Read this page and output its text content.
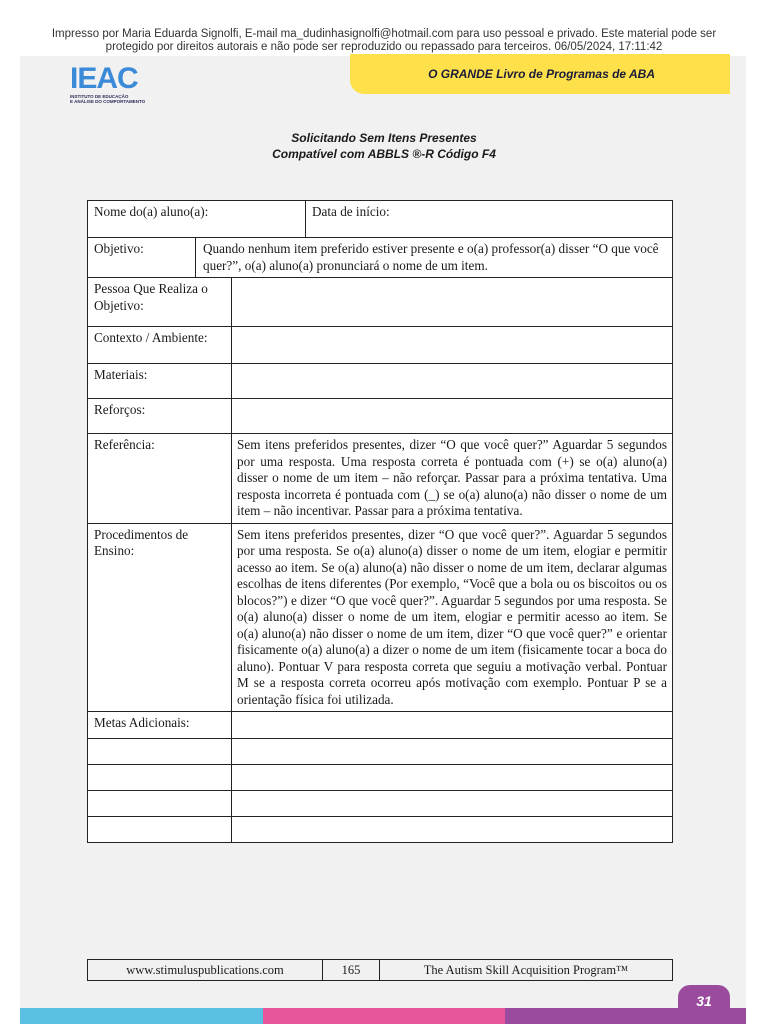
Impresso por Maria Eduarda Signolfi, E-mail ma_dudinhasignolfi@hotmail.com para uso pessoal e privado. Este material pode ser
protegido por direitos autorais e não pode ser reproduzido ou repassado para terceiros. 06/05/2024, 17:11:42
IEAC
INSTITUTO DE EDUCAÇÃO
E ANÁLISE DO COMPORTAMENTO
O GRANDE Livro de Programas de ABA
Solicitando Sem Itens Presentes
Compatível com ABBLS ®-R Código F4
Nome do(a) aluno(a): Data de início:	

Objetivo: Quando nenhum item preferido estiver presente e o(a) professor(a) disser “O que você quer?”, o(a) aluno(a) pronunciará o nome de um item.	

Pessoa Que Realiza o Objetivo:	
Contexto / Ambiente:	
Materiais:	
Reforços:	
Referência:	Sem itens preferidos presentes, dizer “O que você quer?” Aguardar 5 segundos por uma resposta. Uma resposta correta é pontuada com (+) se o(a) aluno(a) disser o nome de um item – não reforçar. Passar para a próxima tentativa. Uma resposta incorreta é pontuada com (_) se o(a) aluno(a) não disser o nome de um item – não incentivar. Passar para a próxima tentativa.
Procedimentos de Ensino:	Sem itens preferidos presentes, dizer “O que você quer?”. Aguardar 5 segundos por uma resposta. Se o(a) aluno(a) disser o nome de um item, elogiar e permitir acesso ao item. Se o(a) aluno(a) não disser o nome de um item, declarar algumas escolhas de itens diferentes (Por exemplo, “Você que a bola ou os biscoitos ou os blocos?”) e dizer “O que você quer?”. Aguardar 5 segundos por uma resposta. Se o(a) aluno(a) disser o nome de um item, elogiar e permitir acesso ao item. Se o(a) aluno(a) não disser o nome de um item, dizer “O que você quer?” e orientar fisicamente o(a) aluno(a) a dizer o nome de um item (fisicamente tocar a boca do aluno). Pontuar V para resposta correta que seguiu a motivação verbal. Pontuar M se a resposta correta ocorreu após motivação com exemplo. Pontuar P se a orientação física foi utilizada.
Metas Adicionais:	

www.stimuluspublications.com	165	The Autism Skill Acquisition Program™
31
